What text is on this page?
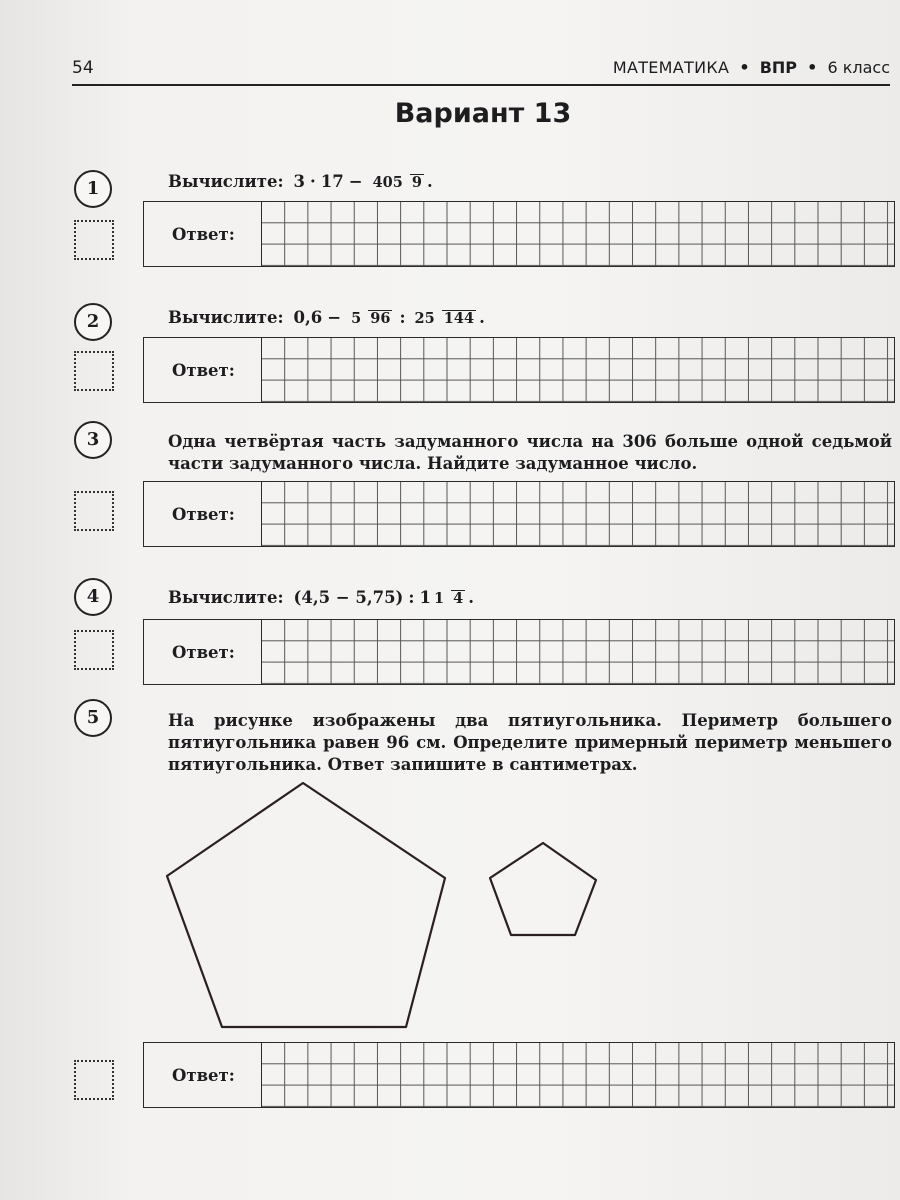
54	МАТЕМАТИКА • ВПР • 6 класс
Вариант 13
1	Вычислите: 3 · 17 − 405 9 .
Ответ:
2	Вычислите: 0,6 − 5 96 : 25 144 .
Ответ:
3	Одна четвёртая часть задуманного числа на 306 больше одной седьмой части задуманного числа. Найдите задуманное число.
Ответ:
4	Вычислите: (4,5 − 5,75) : 1 1 4 .
Ответ:
5	На рисунке изображены два пятиугольника. Периметр большего пятиугольника равен 96 см. Определите примерный периметр меньшего пятиугольника. Ответ запишите в сантиметрах.
Ответ:
